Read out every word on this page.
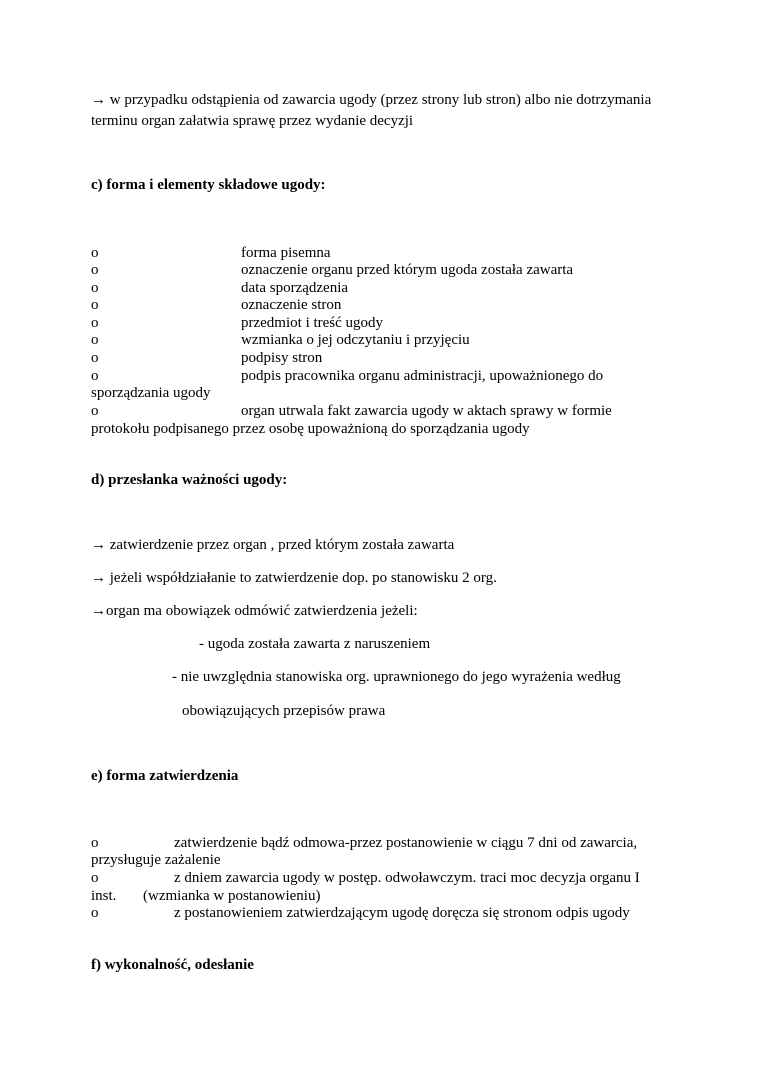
→ w przypadku odstąpienia od zawarcia ugody (przez strony lub stron) albo nie dotrzymania
terminu organ załatwia sprawę przez wydanie decyzji
c) forma i elementy składowe ugody:
o	forma pisemna
o	oznaczenie organu przed którym ugoda została zawarta
o	data sporządzenia
o	oznaczenie stron
o	przedmiot i treść ugody
o	wzmianka o jej odczytaniu i przyjęciu
o	podpisy stron
o	podpis pracownika organu administracji, upoważnionego do
sporządzania ugody
o	organ utrwala fakt zawarcia ugody w aktach sprawy w formie
protokołu podpisanego przez osobę upoważnioną do sporządzania ugody
d) przesłanka ważności ugody:
→ zatwierdzenie przez organ , przed którym została zawarta
→ jeżeli współdziałanie to zatwierdzenie dop. po stanowisku 2 org.
→organ ma obowiązek odmówić zatwierdzenia jeżeli:
- ugoda została zawarta z naruszeniem
- nie uwzględnia stanowiska org. uprawnionego do jego wyrażenia według
obowiązujących przepisów prawa
e) forma zatwierdzenia
o	zatwierdzenie bądź odmowa-przez postanowienie w ciągu 7 dni od zawarcia,
przysługuje zażalenie
o	z dniem zawarcia ugody w postęp. odwoławczym. traci moc decyzja organu I
inst. (wzmianka w postanowieniu)
o	z postanowieniem zatwierdzającym ugodę doręcza się stronom odpis ugody
f) wykonalność, odesłanie
